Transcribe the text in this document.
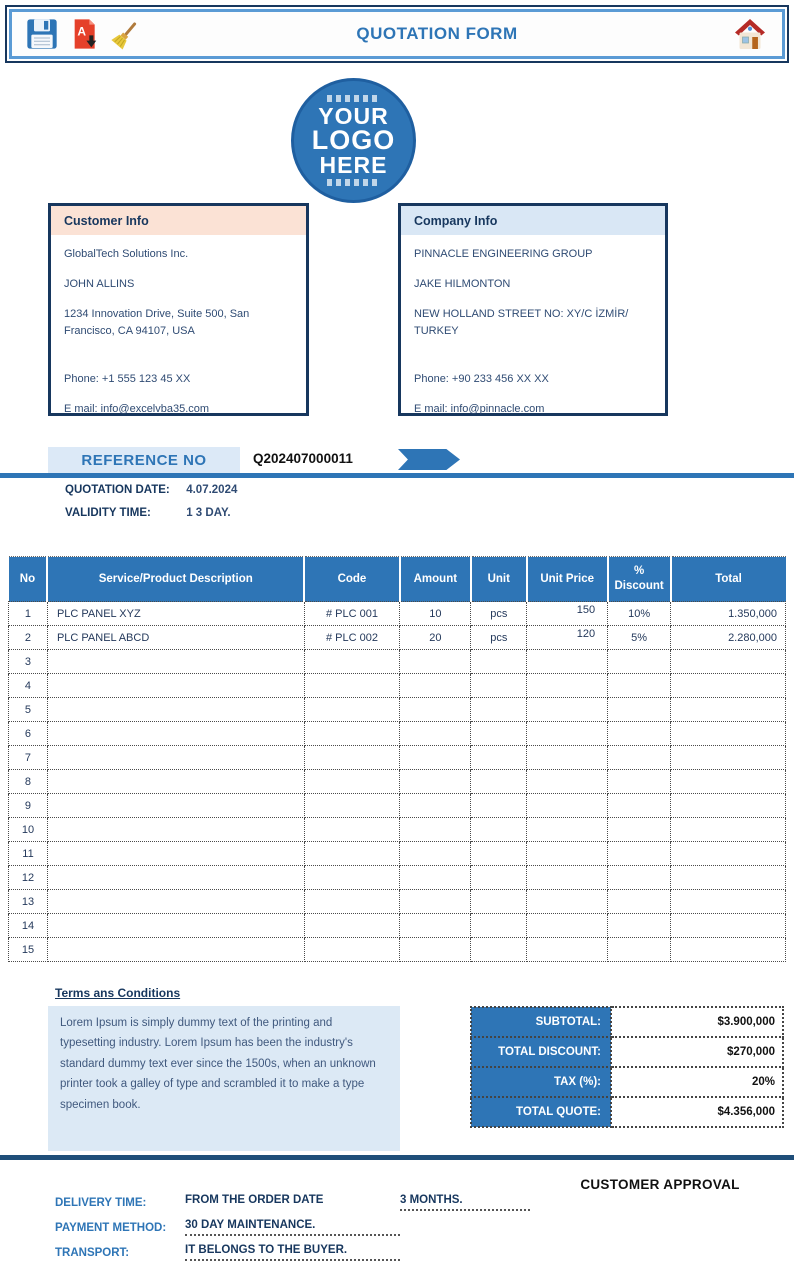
A	QUOTATION FORM
YOUR
LOGO
HERE
Customer Info

GlobalTech Solutions Inc.

JOHN ALLINS

1234 Innovation Drive, Suite 500, San Francisco, CA 94107, USA

Phone: +1 555 123 45 XX

E mail: info@excelvba35.com

Company Info

PINNACLE ENGINEERING GROUP

JAKE HILMONTON

NEW HOLLAND STREET NO: XY/C İZMİR/ TURKEY

Phone: +90 233 456 XX XX

E mail: info@pinnacle.com

REFERENCE NO	Q202407000011
QUOTATION DATE: 4.07.2024
VALIDITY TIME:	1 3 DAY.
No	Service/Product Description	Code	Amount	Unit	Unit Price	% Discount	Total
1	PLC PANEL XYZ	# PLC 001	10	pcs	150	10%	1.350,000
2	PLC PANEL ABCD	# PLC 002	20	pcs	120	5%	2.280,000
3							
4							
5							
6							
7							
8							
9							
10							
11							
12							
13							
14							
15							
Terms ans Conditions
Lorem Ipsum is simply dummy text of the printing and typesetting industry. Lorem Ipsum has been the industry's standard dummy text ever since the 1500s, when an unknown printer took a galley of type and scrambled it to make a type specimen book.
SUBTOTAL:	$3.900,000
TOTAL DISCOUNT:	$270,000
TAX (%):	20%
TOTAL QUOTE:	$4.356,000
CUSTOMER APPROVAL
DELIVERY TIME:	FROM THE ORDER DATE	3 MONTHS.
PAYMENT METHOD:	30 DAY MAINTENANCE.
TRANSPORT:	IT BELONGS TO THE BUYER.
